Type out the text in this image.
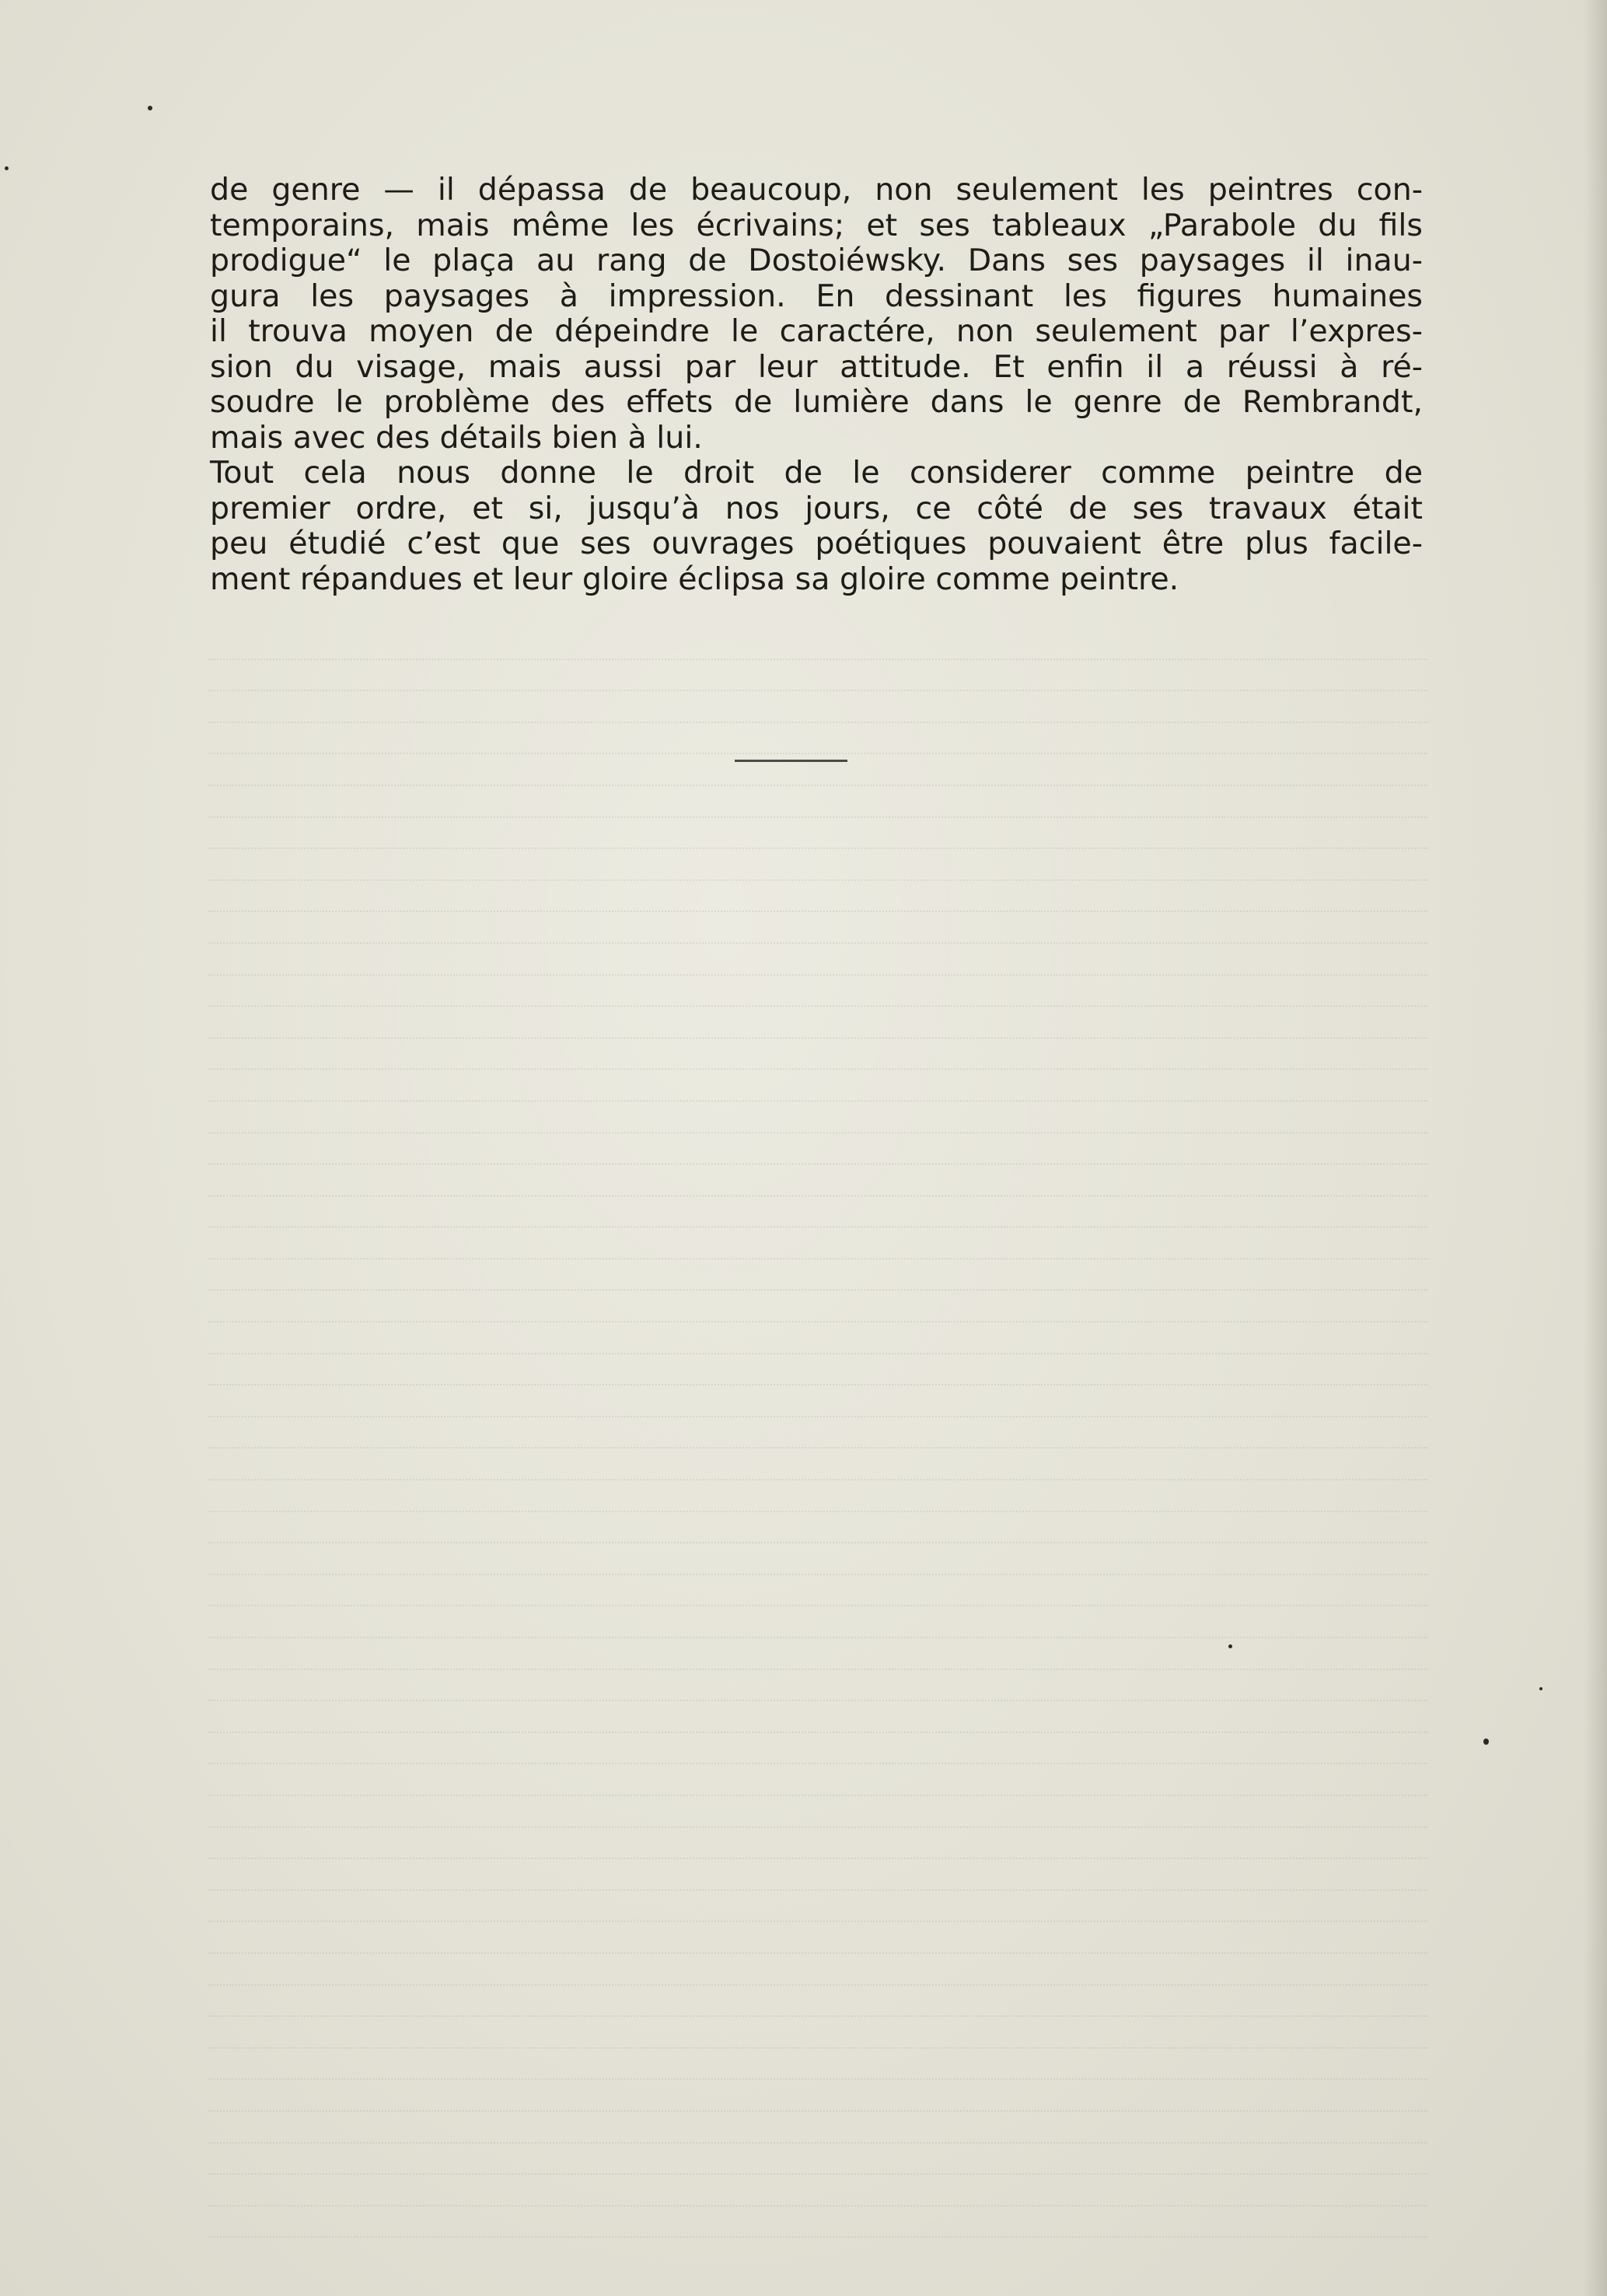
de genre — il dépassa de beaucoup, non seulement les peintres con-

temporains, mais même les écrivains; et ses tableaux „Parabole du fils

prodigue“ le plaça au rang de Dostoiéwsky. Dans ses paysages il inau-

gura les paysages à impression. En dessinant les figures humaines

il trouva moyen de dépeindre le caractére, non seulement par l’expres-

sion du visage, mais aussi par leur attitude. Et enfin il a réussi à ré-

soudre le problème des effets de lumière dans le genre de Rembrandt,

mais avec des détails bien à lui.

Tout cela nous donne le droit de le considerer comme peintre de

premier ordre, et si, jusqu’à nos jours, ce côté de ses travaux était

peu étudié c’est que ses ouvrages poétiques pouvaient être plus facile-

ment répandues et leur gloire éclipsa sa gloire comme peintre.
